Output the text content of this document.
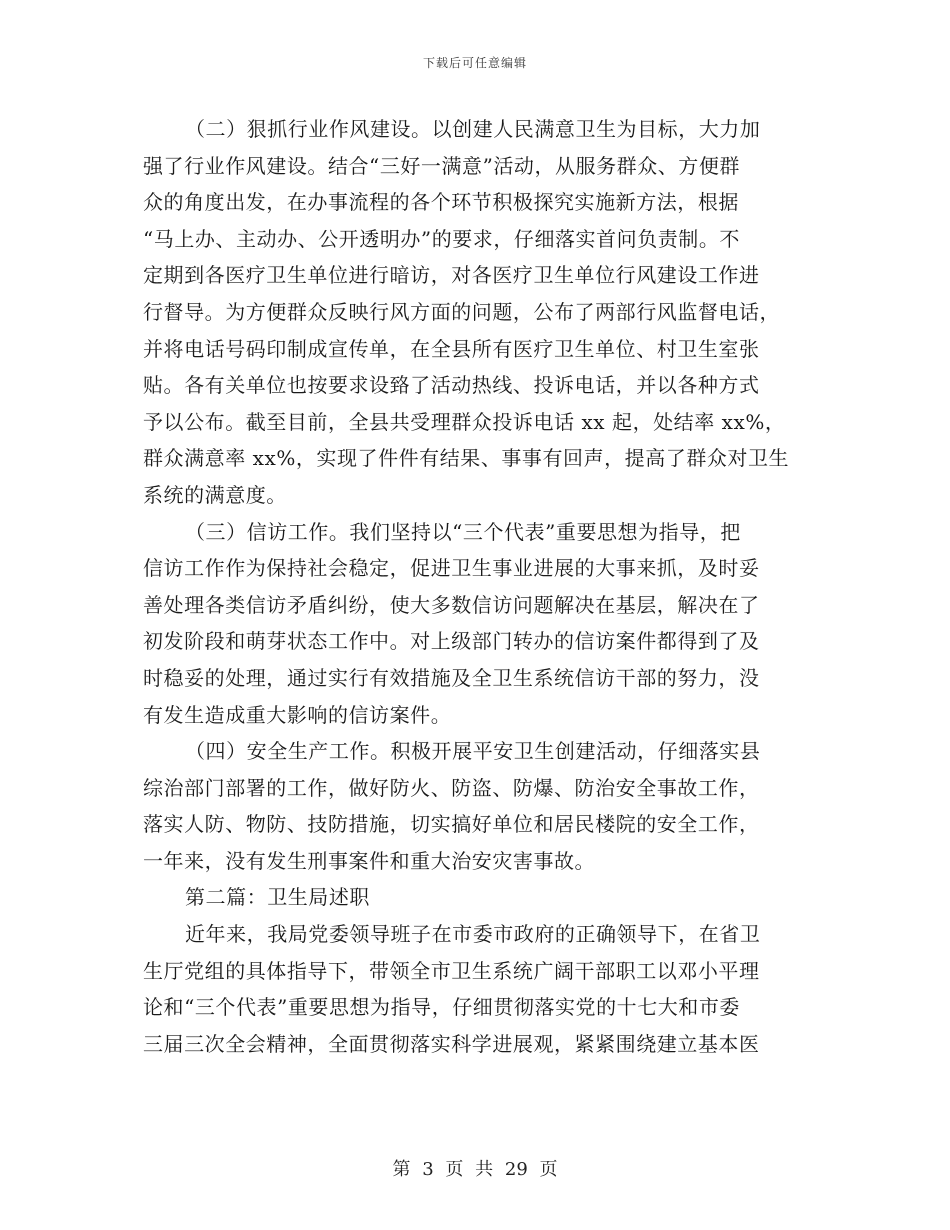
下载后可任意编辑
（二）狠抓行业作风建设。以创建人民满意卫生为目标，大力加
强了行业作风建设。结合“三好一满意”活动，从服务群众、方便群
众的角度出发，在办事流程的各个环节积极探究实施新方法，根据
“马上办、主动办、公开透明办”的要求，仔细落实首问负责制。不
定期到各医疗卫生单位进行暗访，对各医疗卫生单位行风建设工作进
行督导。为方便群众反映行风方面的问题，公布了两部行风监督电话，
并将电话号码印制成宣传单，在全县所有医疗卫生单位、村卫生室张
贴。各有关单位也按要求设臵了活动热线、投诉电话，并以各种方式
予以公布。截至目前，全县共受理群众投诉电话 xx 起，处结率 xx%，
群众满意率 xx%，实现了件件有结果、事事有回声，提高了群众对卫生
系统的满意度。
（三）信访工作。我们坚持以“三个代表”重要思想为指导，把
信访工作作为保持社会稳定，促进卫生事业进展的大事来抓，及时妥
善处理各类信访矛盾纠纷，使大多数信访问题解决在基层，解决在了
初发阶段和萌芽状态工作中。对上级部门转办的信访案件都得到了及
时稳妥的处理，通过实行有效措施及全卫生系统信访干部的努力，没
有发生造成重大影响的信访案件。
（四）安全生产工作。积极开展平安卫生创建活动，仔细落实县
综治部门部署的工作，做好防火、防盗、防爆、防治安全事故工作，
落实人防、物防、技防措施，切实搞好单位和居民楼院的安全工作，
一年来，没有发生刑事案件和重大治安灾害事故。
第二篇：卫生局述职
近年来，我局党委领导班子在市委市政府的正确领导下，在省卫
生厅党组的具体指导下，带领全市卫生系统广阔干部职工以邓小平理
论和“三个代表”重要思想为指导，仔细贯彻落实党的十七大和市委
三届三次全会精神，全面贯彻落实科学进展观，紧紧围绕建立基本医
第 3 页 共 29 页
